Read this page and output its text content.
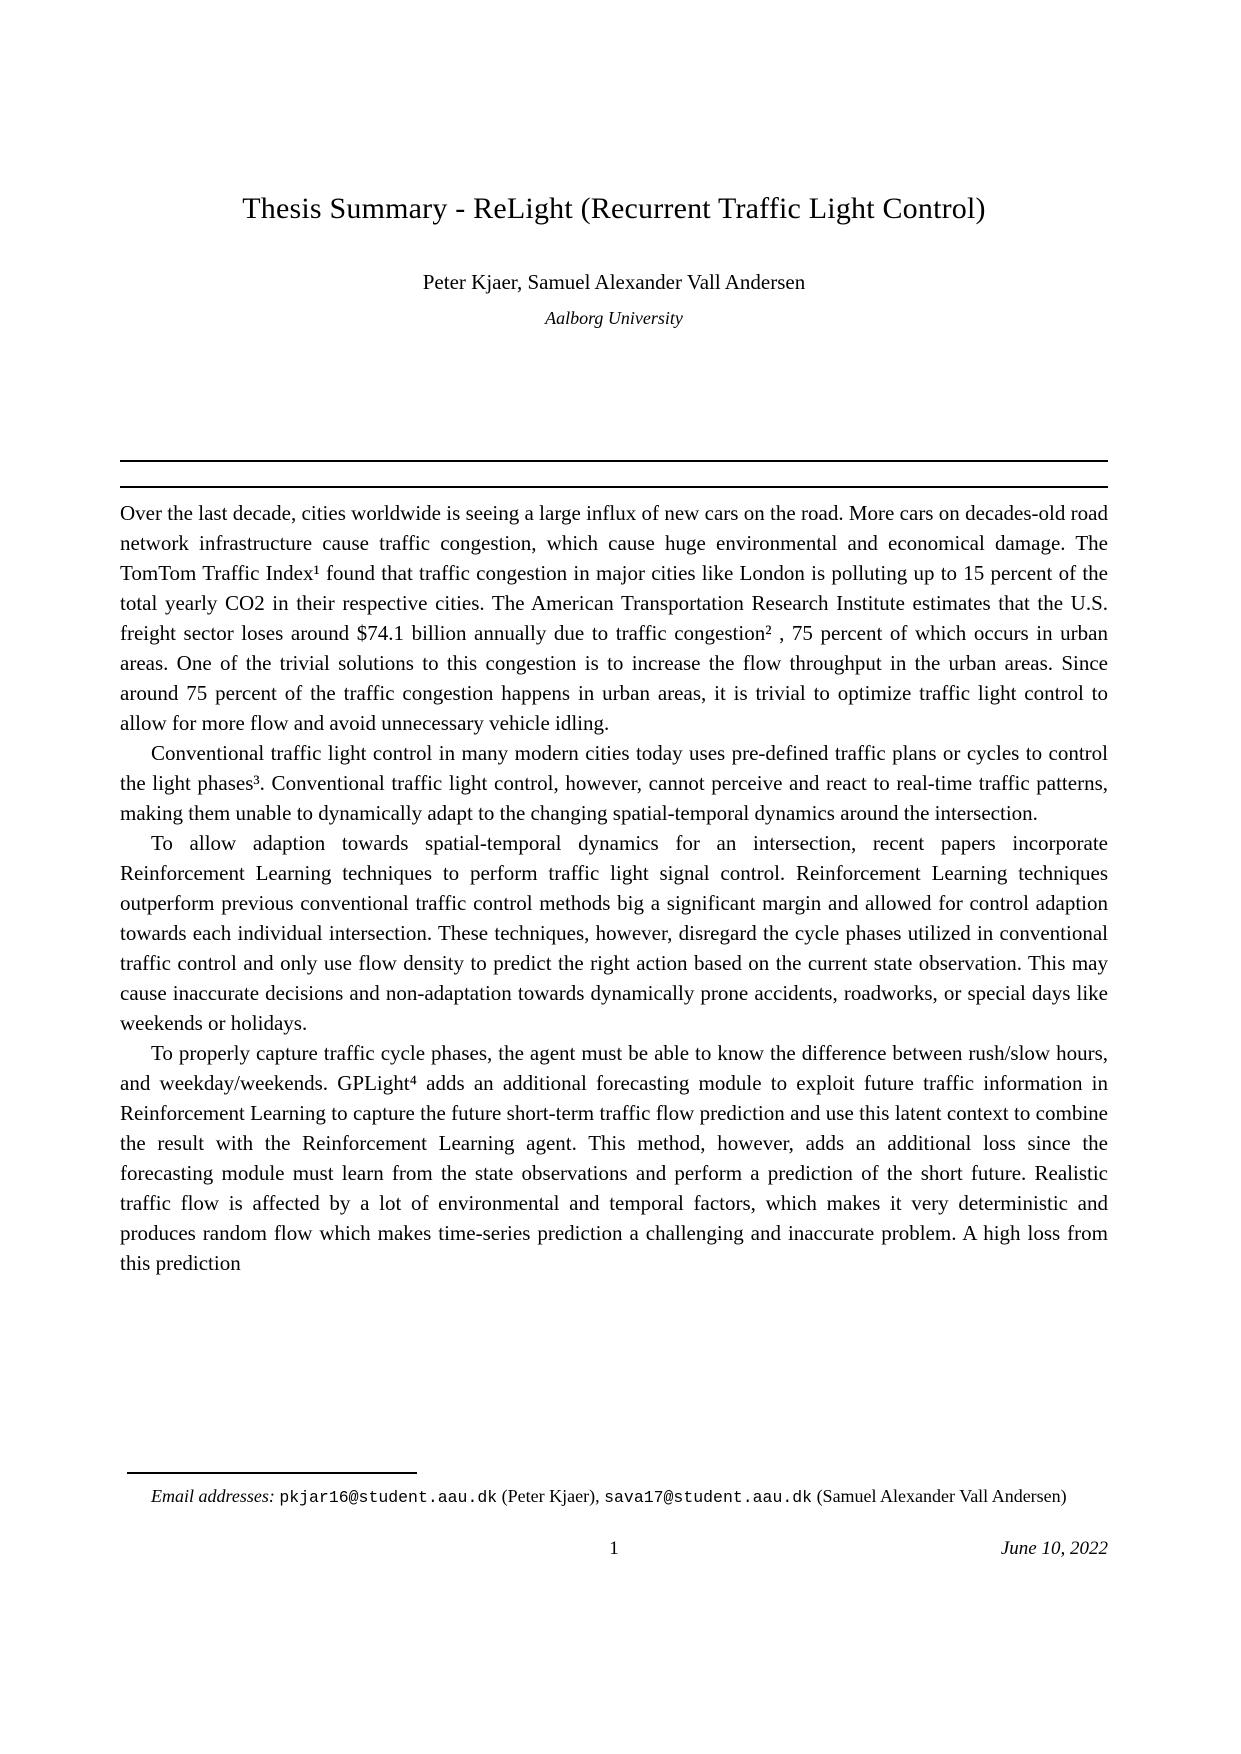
Thesis Summary - ReLight (Recurrent Traffic Light Control)
Peter Kjaer, Samuel Alexander Vall Andersen
Aalborg University

Over the last decade, cities worldwide is seeing a large influx of new cars on the road. More cars on decades-old road network infrastructure cause traffic congestion, which cause huge environmental and economical damage. The TomTom Traffic Index¹ found that traffic congestion in major cities like London is polluting up to 15 percent of the total yearly CO2 in their respective cities. The American Transportation Research Institute estimates that the U.S. freight sector loses around $74.1 billion annually due to traffic congestion² , 75 percent of which occurs in urban areas. One of the trivial solutions to this congestion is to increase the flow throughput in the urban areas. Since around 75 percent of the traffic congestion happens in urban areas, it is trivial to optimize traffic light control to allow for more flow and avoid unnecessary vehicle idling.

Conventional traffic light control in many modern cities today uses pre-defined traffic plans or cycles to control the light phases³. Conventional traffic light control, however, cannot perceive and react to real-time traffic patterns, making them unable to dynamically adapt to the changing spatial-temporal dynamics around the intersection.

To allow adaption towards spatial-temporal dynamics for an intersection, recent papers incorporate Reinforcement Learning techniques to perform traffic light signal control. Reinforcement Learning techniques outperform previous conventional traffic control methods big a significant margin and allowed for control adaption towards each individual intersection. These techniques, however, disregard the cycle phases utilized in conventional traffic control and only use flow density to predict the right action based on the current state observation. This may cause inaccurate decisions and non-adaptation towards dynamically prone accidents, roadworks, or special days like weekends or holidays.

To properly capture traffic cycle phases, the agent must be able to know the difference between rush/slow hours, and weekday/weekends. GPLight⁴ adds an additional forecasting module to exploit future traffic information in Reinforcement Learning to capture the future short-term traffic flow prediction and use this latent context to combine the result with the Reinforcement Learning agent. This method, however, adds an additional loss since the forecasting module must learn from the state observations and perform a prediction of the short future. Realistic traffic flow is affected by a lot of environmental and temporal factors, which makes it very deterministic and produces random flow which makes time-series prediction a challenging and inaccurate problem. A high loss from this prediction

Email addresses: pkjar16@student.aau.dk (Peter Kjaer), sava17@student.aau.dk (Samuel Alexander Vall Andersen)

1	June 10, 2022
